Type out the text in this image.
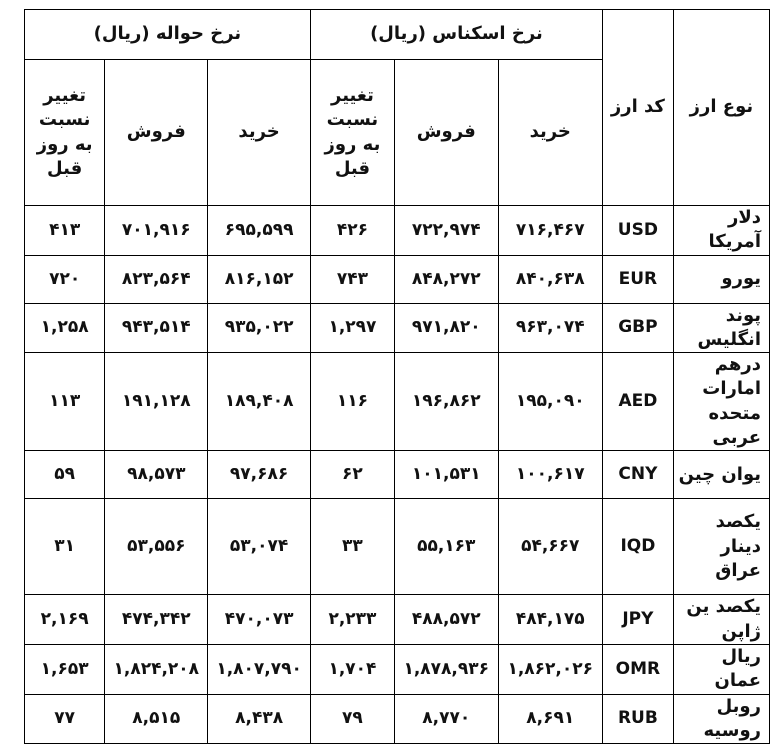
نوع ارز	کد ارز	نرخ اسکناس (ریال)			نرخ حواله (ریال)		
		خرید	فروش	تغییر نسبت به روز قبل	خرید	فروش	تغییر نسبت به روز قبل
دلار آمریکا	USD	۷۱۶,۴۶۷	۷۲۲,۹۷۴	۴۲۶	۶۹۵,۵۹۹	۷۰۱,۹۱۶	۴۱۳
یورو	EUR	۸۴۰,۶۳۸	۸۴۸,۲۷۲	۷۴۳	۸۱۶,۱۵۲	۸۲۳,۵۶۴	۷۲۰
پوند انگلیس	GBP	۹۶۳,۰۷۴	۹۷۱,۸۲۰	۱,۲۹۷	۹۳۵,۰۲۲	۹۴۳,۵۱۴	۱,۲۵۸
درهم امارات متحده عربی	AED	۱۹۵,۰۹۰	۱۹۶,۸۶۲	۱۱۶	۱۸۹,۴۰۸	۱۹۱,۱۲۸	۱۱۳
یوان چین	CNY	۱۰۰,۶۱۷	۱۰۱,۵۳۱	۶۲	۹۷,۶۸۶	۹۸,۵۷۳	۵۹
یکصد دینار عراق	IQD	۵۴,۶۶۷	۵۵,۱۶۳	۳۳	۵۳,۰۷۴	۵۳,۵۵۶	۳۱
یکصد ین ژاپن	JPY	۴۸۴,۱۷۵	۴۸۸,۵۷۲	۲,۲۳۳	۴۷۰,۰۷۳	۴۷۴,۳۴۲	۲,۱۶۹
ریال عمان	OMR	۱,۸۶۲,۰۲۶	۱,۸۷۸,۹۳۶	۱,۷۰۴	۱,۸۰۷,۷۹۰	۱,۸۲۴,۲۰۸	۱,۶۵۳
روبل روسیه	RUB	۸,۶۹۱	۸,۷۷۰	۷۹	۸,۴۳۸	۸,۵۱۵	۷۷
